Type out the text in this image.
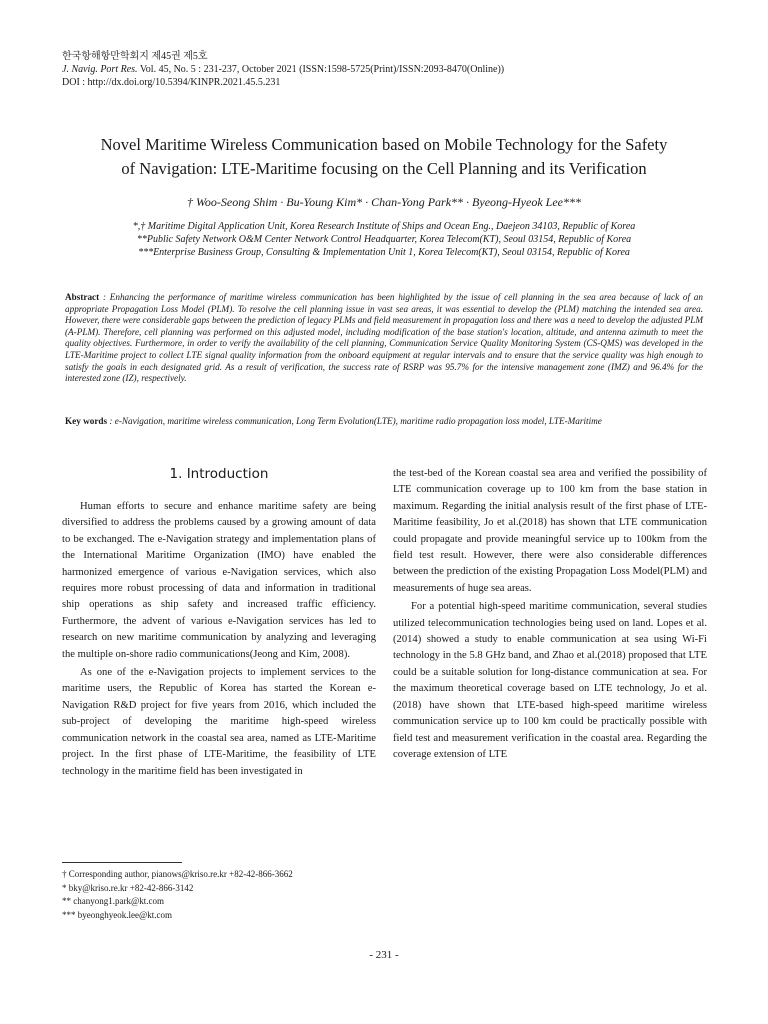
한국항해항만학회지 제45권 제5호
J. Navig. Port Res. Vol. 45, No. 5 : 231-237, October 2021 (ISSN:1598-5725(Print)/ISSN:2093-8470(Online))
DOI : http://dx.doi.org/10.5394/KINPR.2021.45.5.231
Novel Maritime Wireless Communication based on Mobile Technology for the Safety
of Navigation: LTE-Maritime focusing on the Cell Planning and its Verification
† Woo-Seong Shim · Bu-Young Kim* · Chan-Yong Park** · Byeong-Hyeok Lee***
*,† Maritime Digital Application Unit, Korea Research Institute of Ships and Ocean Eng., Daejeon 34103, Republic of Korea
**Public Safety Network O&M Center Network Control Headquarter, Korea Telecom(KT), Seoul 03154, Republic of Korea
***Enterprise Business Group, Consulting & Implementation Unit 1, Korea Telecom(KT), Seoul 03154, Republic of Korea
Abstract : Enhancing the performance of maritime wireless communication has been highlighted by the issue of cell planning in the sea area because of lack of an appropriate Propagation Loss Model (PLM). To resolve the cell planning issue in vast sea areas, it was essential to develop the (PLM) matching the intended sea area. However, there were considerable gaps between the prediction of legacy PLMs and field measurement in propagation loss and there was a need to develop the adjusted PLM (A-PLM). Therefore, cell planning was performed on this adjusted model, including modification of the base station's location, altitude, and antenna azimuth to meet the quality objectives. Furthermore, in order to verify the availability of the cell planning, Communication Service Quality Monitoring System (CS-QMS) was developed in the LTE-Maritime project to collect LTE signal quality information from the onboard equipment at regular intervals and to ensure that the service quality was high enough to satisfy the goals in each designated grid. As a result of verification, the success rate of RSRP was 95.7% for the intensive management zone (IMZ) and 96.4% for the interested zone (IZ), respectively.
Key words : e-Navigation, maritime wireless communication, Long Term Evolution(LTE), maritime radio propagation loss model, LTE-Maritime
1. Introduction

Human efforts to secure and enhance maritime safety are being diversified to address the problems caused by a growing amount of data to be exchanged. The e-Navigation strategy and implementation plans of the International Maritime Organization (IMO) have enabled the harmonized emergence of various e-Navigation services, which also requires more robust processing of data and information in traditional ship operations as ship safety and increased traffic efficiency. Furthermore, the advent of various e-Navigation services has led to research on new maritime communication by analyzing and leveraging the multiple on-shore radio communications(Jeong and Kim, 2008).

As one of the e-Navigation projects to implement services to the maritime users, the Republic of Korea has started the Korean e-Navigation R&D project for five years from 2016, which included the sub-project of developing the maritime high-speed wireless communication network in the coastal sea area, named as LTE-Maritime project. In the first phase of LTE-Maritime, the feasibility of LTE technology in the maritime field has been investigated in

the test-bed of the Korean coastal sea area and verified the possibility of LTE communication coverage up to 100 km from the base station in maximum. Regarding the initial analysis result of the first phase of LTE-Maritime feasibility, Jo et al.(2018) has shown that LTE communication could propagate and provide meaningful service up to 100km from the field test result. However, there were also considerable differences between the prediction of the existing Propagation Loss Model(PLM) and measurements of huge sea areas.

For a potential high-speed maritime communication, several studies utilized telecommunication technologies being used on land. Lopes et al.(2014) showed a study to enable communication at sea using Wi-Fi technology in the 5.8 GHz band, and Zhao et al.(2018) proposed that LTE could be a suitable solution for long-distance communication at sea. For the maximum theoretical coverage based on LTE technology, Jo et al.(2018) have shown that LTE-based high-speed maritime wireless communication service up to 100 km could be practically possible with field test and measurement verification in the coastal area. Regarding the coverage extension of LTE

† Corresponding author, pianows@kriso.re.kr +82-42-866-3662
* bky@kriso.re.kr +82-42-866-3142
** chanyong1.park@kt.com
*** byeonghyeok.lee@kt.com
- 231 -
